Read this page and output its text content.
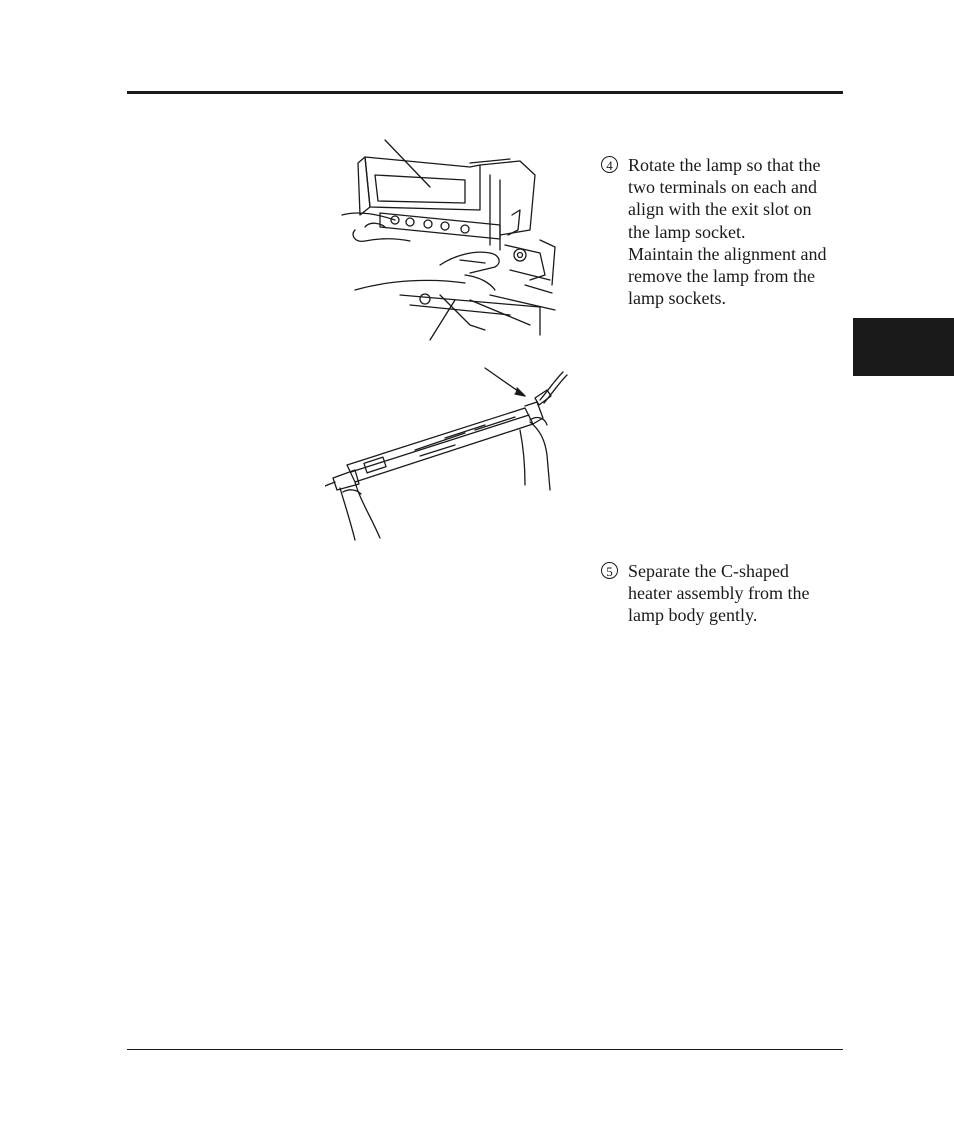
4 Rotate the lamp so that the
two terminals on each and
align with the exit slot on
the lamp socket.
Maintain the alignment and
remove the lamp from the
lamp sockets.
5 Separate the C-shaped
heater assembly from the
lamp body gently.
